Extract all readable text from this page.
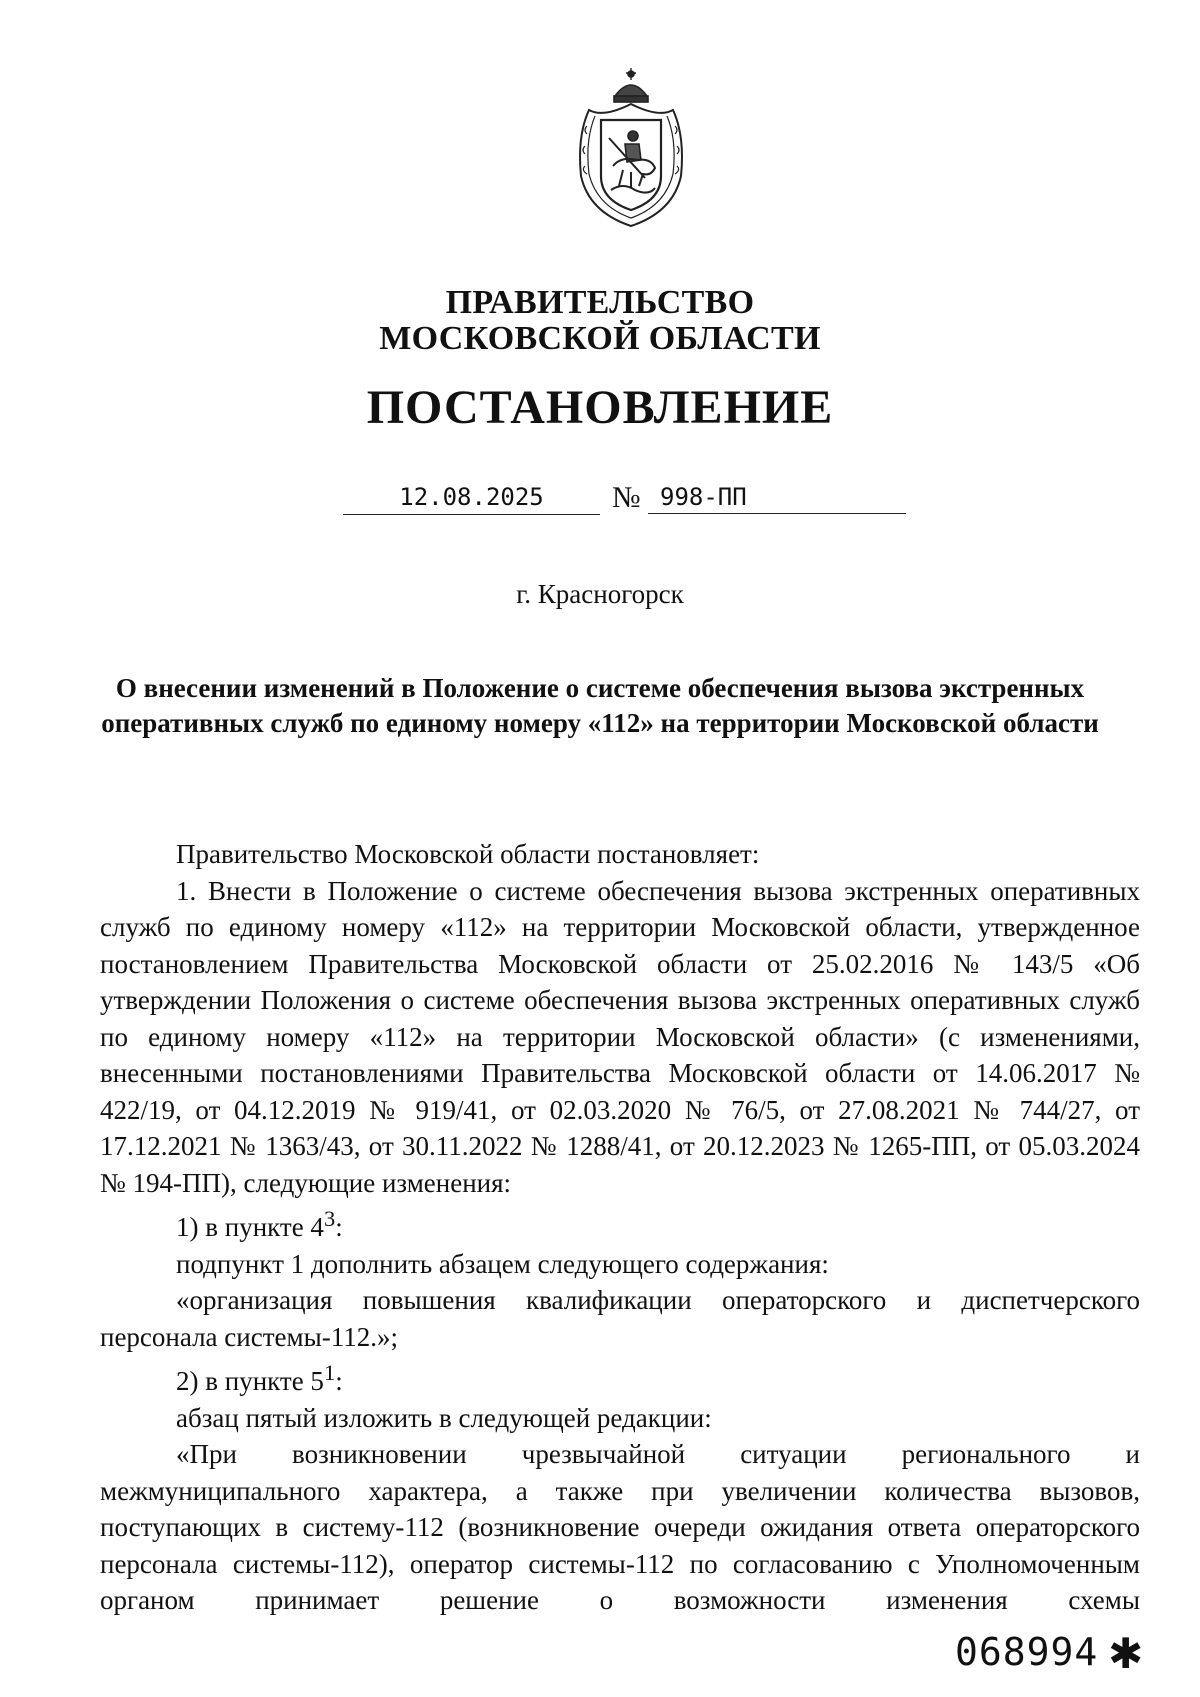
ПРАВИТЕЛЬСТВО
МОСКОВСКОЙ ОБЛАСТИ
ПОСТАНОВЛЕНИЕ
12.08.2025	№ 998-ПП
г. Красногорск
О внесении изменений в Положение о системе обеспечения вызова экстренных оперативных служб по единому номеру «112» на территории Московской области

Правительство Московской области постановляет:

1. Внести в Положение о системе обеспечения вызова экстренных оперативных служб по единому номеру «112» на территории Московской области, утвержденное постановлением Правительства Московской области от 25.02.2016 № 143/5 «Об утверждении Положения о системе обеспечения вызова экстренных оперативных служб по единому номеру «112» на территории Московской области» (с изменениями, внесенными постановлениями Правительства Московской области от 14.06.2017 № 422/19, от 04.12.2019 № 919/41, от 02.03.2020 № 76/5, от 27.08.2021 № 744/27, от 17.12.2021 № 1363/43, от 30.11.2022 № 1288/41, от 20.12.2023 № 1265-ПП, от 05.03.2024 № 194-ПП), следующие изменения:

1) в пункте $4^3$:

подпункт 1 дополнить абзацем следующего содержания:

«организация повышения квалификации операторского и диспетчерского персонала системы-112.»;

2) в пункте $5^1$:

абзац пятый изложить в следующей редакции:

«При возникновении чрезвычайной ситуации регионального и межмуниципального характера, а также при увеличении количества вызовов, поступающих в систему-112 (возникновение очереди ожидания ответа операторского персонала системы-112), оператор системы-112 по согласованию с Уполномоченным органом принимает решение о возможности изменения схемы

068994 ✱
